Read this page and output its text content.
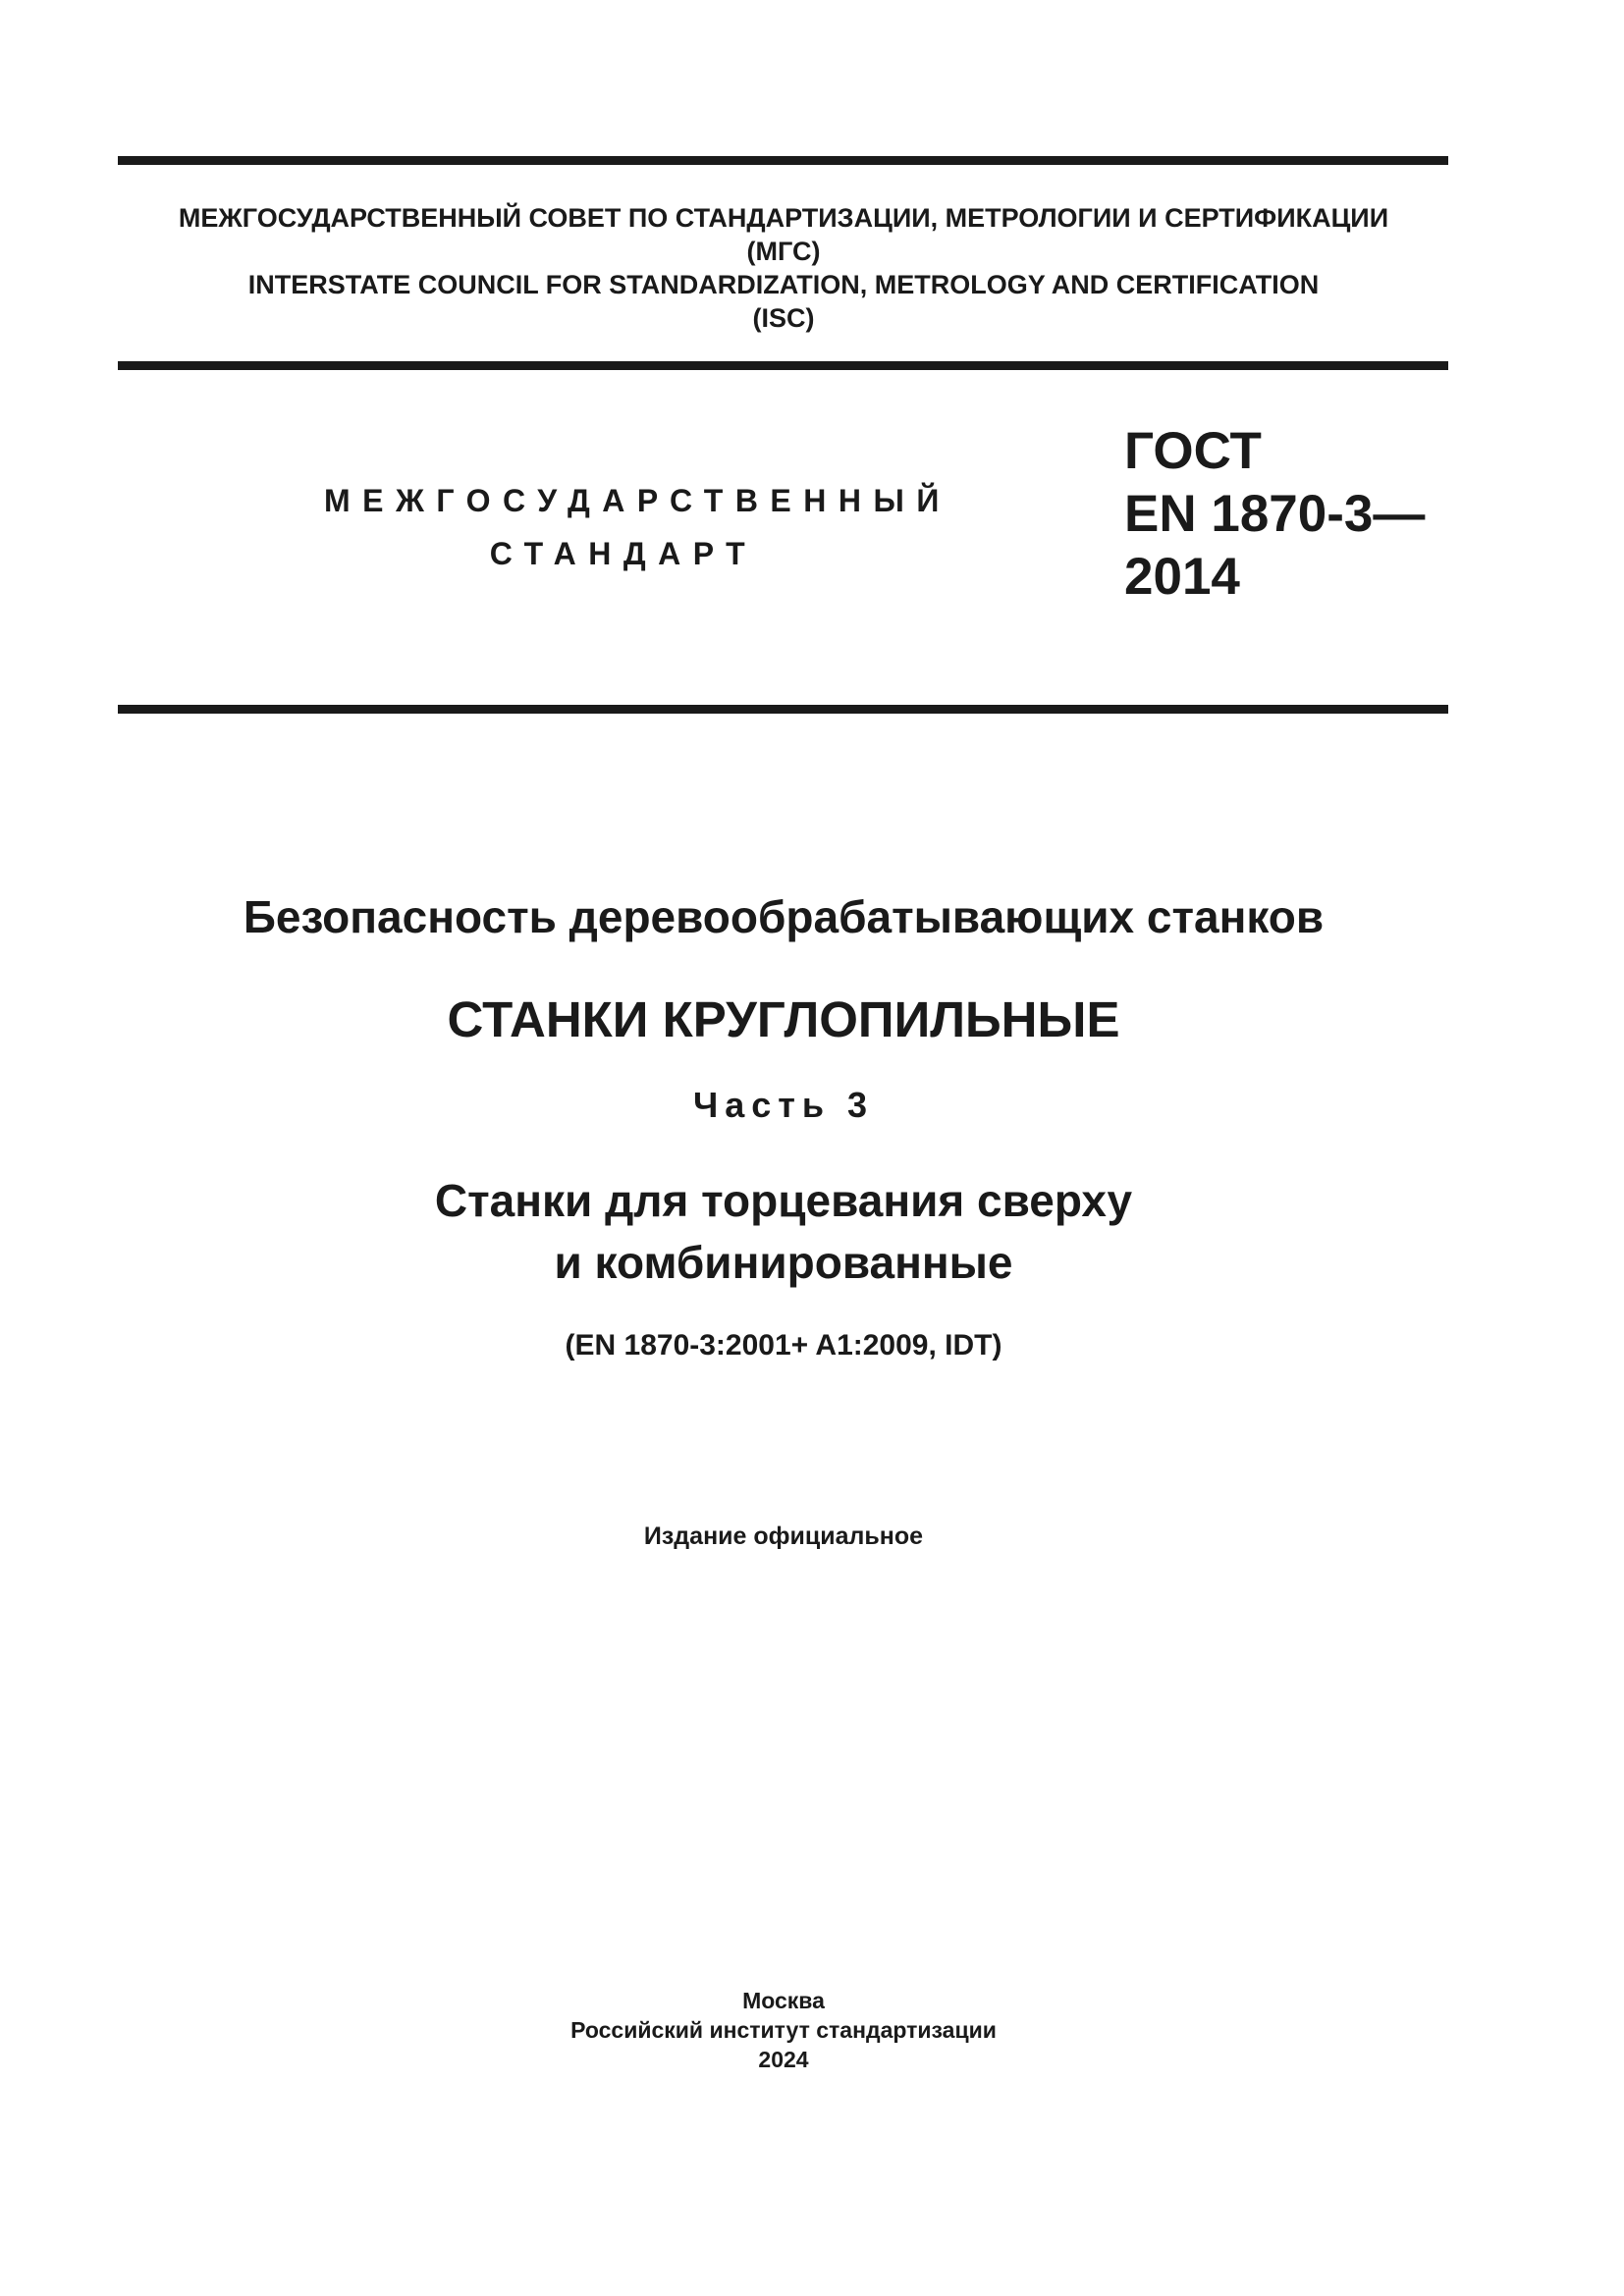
МЕЖГОСУДАРСТВЕННЫЙ СОВЕТ ПО СТАНДАРТИЗАЦИИ, МЕТРОЛОГИИ И СЕРТИФИКАЦИИ
(МГС)
INTERSTATE COUNCIL FOR STANDARDIZATION, METROLOGY AND CERTIFICATION
(ISC)
МЕЖГОСУДАРСТВЕННЫЙ
СТАНДАРТ
ГОСТ
EN 1870-3—
2014
Безопасность деревообрабатывающих станков
СТАНКИ КРУГЛОПИЛЬНЫЕ
Часть 3
Станки для торцевания сверху
и комбинированные
(EN 1870-3:2001+ A1:2009, IDT)
Издание официальное
Москва
Российский институт стандартизации
2024
